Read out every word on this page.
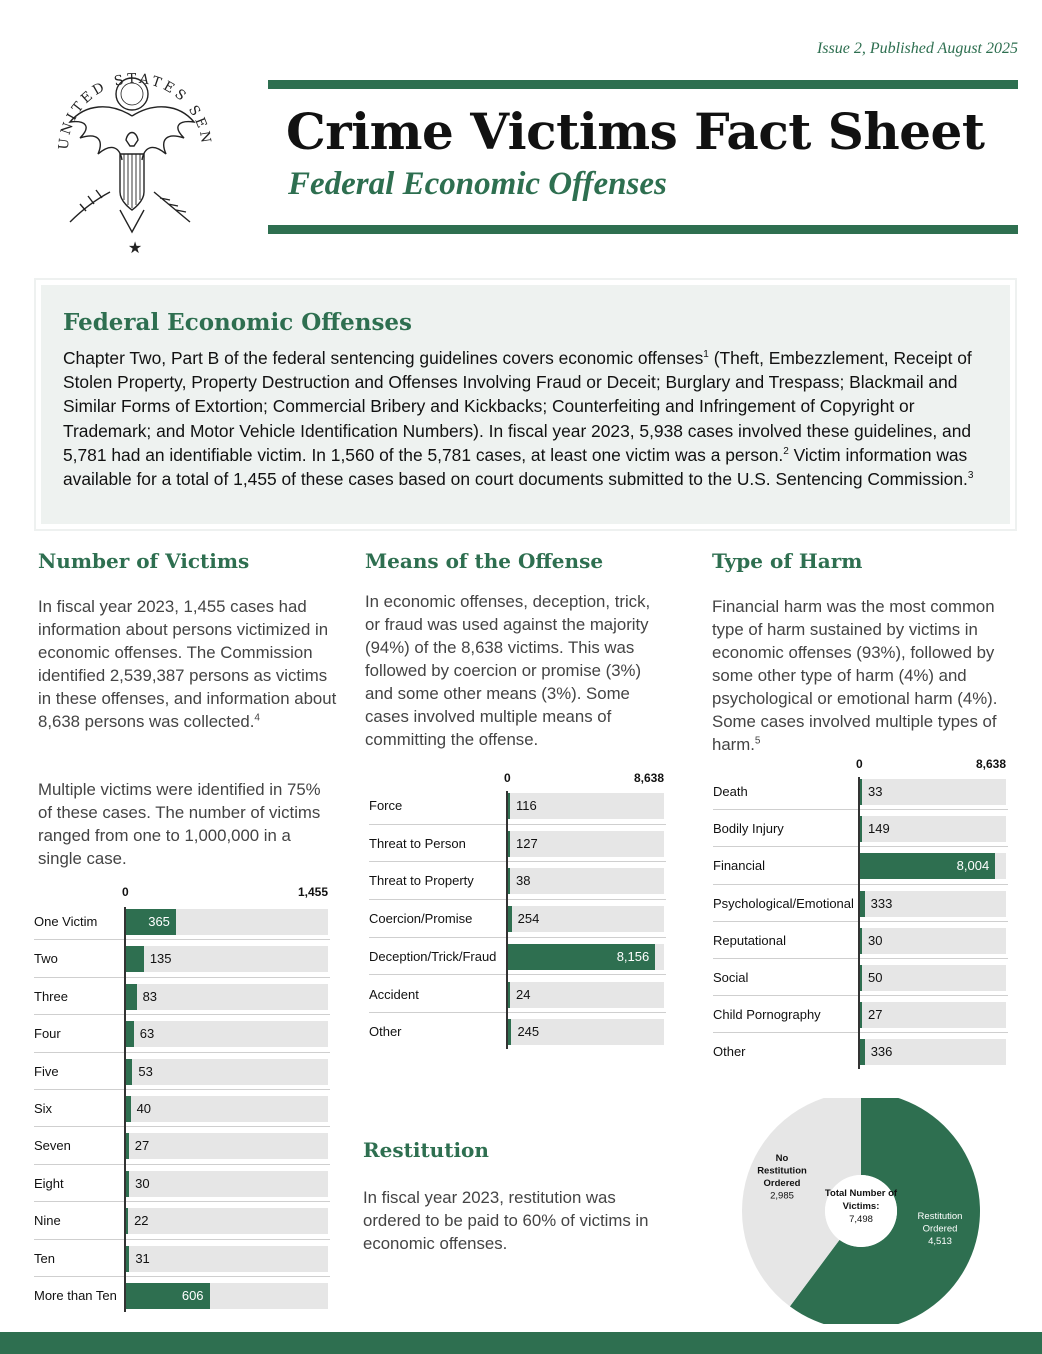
UNITED STATES SEN
★
Issue 2, Published August 2025
Crime Victims Fact Sheet
Federal Economic Offenses
Federal Economic Offenses

Chapter Two, Part B of the federal sentencing guidelines covers economic offenses$^1$ (Theft, Embezzlement, Receipt of Stolen Property, Property Destruction and Offenses Involving Fraud or Deceit; Burglary and Trespass; Blackmail and Similar Forms of Extortion; Commercial Bribery and Kickbacks; Counterfeiting and Infringement of Copyright or Trademark; and Motor Vehicle Identification Numbers). In fiscal year 2023, 5,938 cases involved these guidelines, and 5,781 had an identifiable victim. In 1,560 of the 5,781 cases, at least one victim was a person.$^2$ Victim information was available for a total of 1,455 of these cases based on court documents submitted to the U.S. Sentencing Commission.$^3$

Number of Victims
In fiscal year 2023, 1,455 cases had information about persons victimized in economic offenses. The Commission identified 2,539,387 persons as victims in these offenses, and information about 8,638 persons was collected.$^4$
Multiple victims were identified in 75% of these cases. The number of victims ranged from one to 1,000,000 in a single case.
0	1,455
One Victim	365
Two	135
Three	83
Four	63
Five	53
Six	40
Seven	27
Eight	30
Nine	22
Ten	31
More than Ten	606
Means of the Offense
In economic offenses, deception, trick, or fraud was used against the majority (94%) of the 8,638 victims. This was followed by coercion or promise (3%) and some other means (3%). Some cases involved multiple means of committing the offense.
0	8,638
Force	116
Threat to Person	127
Threat to Property	38
Coercion/Promise	254
Deception/Trick/Fraud	8,156
Accident	24
Other	245
Type of Harm
Financial harm was the most common type of harm sustained by victims in economic offenses (93%), followed by some other type of harm (4%) and psychological or emotional harm (4%). Some cases involved multiple types of harm.$^5$
0	8,638
Death	33
Bodily Injury	149
Financial	8,004
Psychological/Emotional 333
Reputational	30
Social	50
Child Pornography	27
Other	336
Restitution
In fiscal year 2023, restitution was ordered to be paid to 60% of victims in economic offenses.
Restitution Ordered 4,513
No Restitution Ordered 2,985	Total Number of Victims: 7,498
